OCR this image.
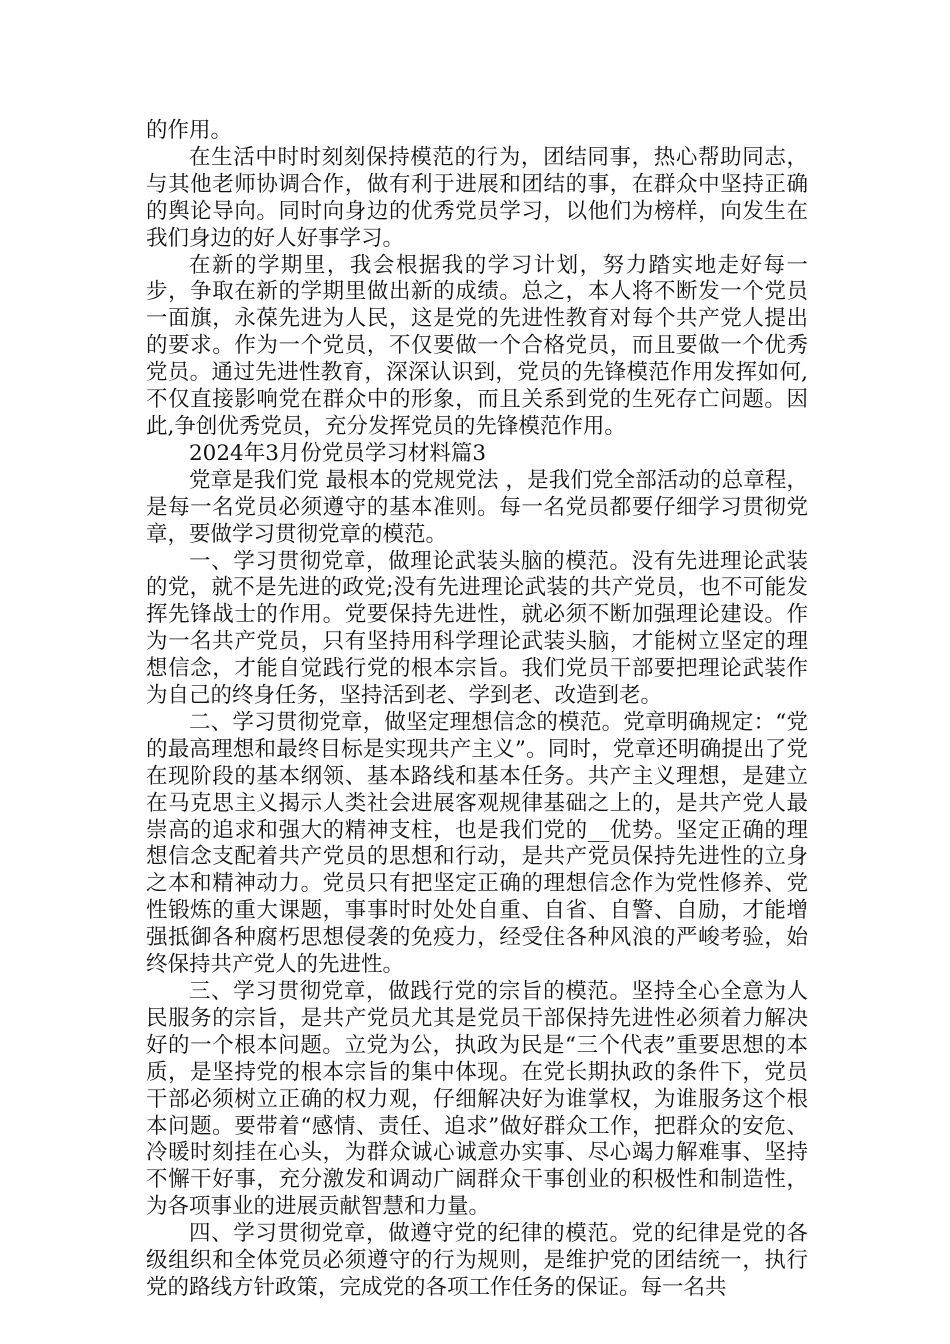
的作用。

在生活中时时刻刻保持模范的行为，团结同事，热心帮助同志，与其他老师协调合作，做有利于进展和团结的事，在群众中坚持正确的舆论导向。同时向身边的优秀党员学习，以他们为榜样，向发生在我们身边的好人好事学习。

在新的学期里，我会根据我的学习计划，努力踏实地走好每一步，争取在新的学期里做出新的成绩。总之，本人将不断发一个党员一面旗，永葆先进为人民，这是党的先进性教育对每个共产党人提出的要求。作为一个党员，不仅要做一个合格党员，而且要做一个优秀党员。通过先进性教育，深深认识到，党员的先锋模范作用发挥如何,不仅直接影响党在群众中的形象，而且关系到党的生死存亡问题。因此,争创优秀党员，充分发挥党员的先锋模范作用。

2024年3月份党员学习材料篇3

党章是我们党 最根本的党规党法 ，是我们党全部活动的总章程，是每一名党员必须遵守的基本准则。每一名党员都要仔细学习贯彻党章，要做学习贯彻党章的模范。

一、学习贯彻党章，做理论武装头脑的模范。没有先进理论武装的党，就不是先进的政党;没有先进理论武装的共产党员，也不可能发挥先锋战士的作用。党要保持先进性，就必须不断加强理论建设。作为一名共产党员，只有坚持用科学理论武装头脑，才能树立坚定的理想信念，才能自觉践行党的根本宗旨。我们党员干部要把理论武装作为自己的终身任务，坚持活到老、学到老、改造到老。

二、学习贯彻党章，做坚定理想信念的模范。党章明确规定：“党的最高理想和最终目标是实现共产主义”。同时，党章还明确提出了党在现阶段的基本纲领、基本路线和基本任务。共产主义理想，是建立在马克思主义揭示人类社会进展客观规律基础之上的，是共产党人最崇高的追求和强大的精神支柱，也是我们党的__优势。坚定正确的理想信念支配着共产党员的思想和行动，是共产党员保持先进性的立身之本和精神动力。党员只有把坚定正确的理想信念作为党性修养、党性锻炼的重大课题，事事时时处处自重、自省、自警、自励，才能增强抵御各种腐朽思想侵袭的免疫力，经受住各种风浪的严峻考验，始终保持共产党人的先进性。

三、学习贯彻党章，做践行党的宗旨的模范。坚持全心全意为人民服务的宗旨，是共产党员尤其是党员干部保持先进性必须着力解决好的一个根本问题。立党为公，执政为民是“三个代表”重要思想的本质，是坚持党的根本宗旨的集中体现。在党长期执政的条件下，党员干部必须树立正确的权力观，仔细解决好为谁掌权，为谁服务这个根本问题。要带着“感情、责任、追求”做好群众工作，把群众的安危、冷暖时刻挂在心头，为群众诚心诚意办实事、尽心竭力解难事、坚持不懈干好事，充分激发和调动广阔群众干事创业的积极性和制造性，为各项事业的进展贡献智慧和力量。

四、学习贯彻党章，做遵守党的纪律的模范。党的纪律是党的各级组织和全体党员必须遵守的行为规则，是维护党的团结统一，执行党的路线方针政策，完成党的各项工作任务的保证。每一名共
